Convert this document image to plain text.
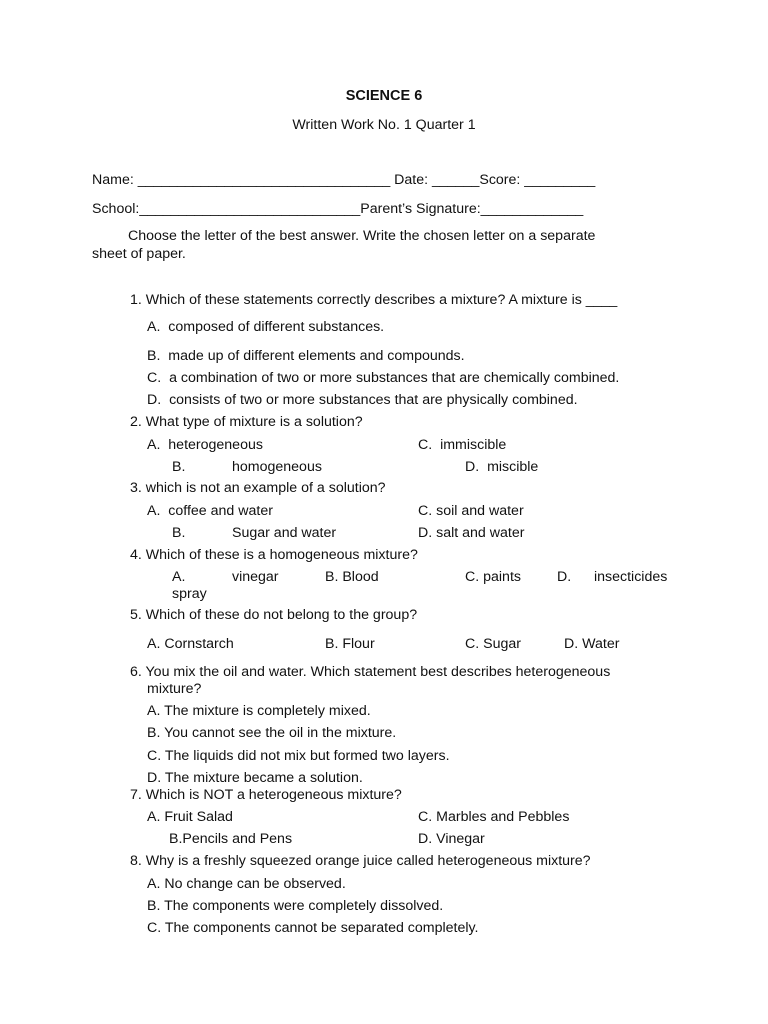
SCIENCE 6
Written Work No. 1 Quarter 1
Name: ________________________________ Date: ______Score: _________
School:____________________________Parent’s Signature:_____________
Choose the letter of the best answer. Write the chosen letter on a separate
sheet of paper.
1. Which of these statements correctly describes a mixture? A mixture is ____
A.  composed of different substances.
B.  made up of different elements and compounds.
C.  a combination of two or more substances that are chemically combined.
D.  consists of two or more substances that are physically combined.
2. What type of mixture is a solution?
A.  heterogeneous	C.  immiscible
B.	homogeneous	D.  miscible
3. which is not an example of a solution?
A.  coffee and water	C. soil and water
B.	Sugar and water	D. salt and water
4. Which of these is a homogeneous mixture?
A.	vinegar	B. Blood	C. paints	D. insecticides
spray
5. Which of these do not belong to the group?
A. Cornstarch	B. Flour	C. Sugar	D. Water
6. You mix the oil and water. Which statement best describes heterogeneous
mixture?
A. The mixture is completely mixed.
B. You cannot see the oil in the mixture.
C. The liquids did not mix but formed two layers.
D. The mixture became a solution.
7. Which is NOT a heterogeneous mixture?
A. Fruit Salad	C. Marbles and Pebbles
B.Pencils and Pens	D. Vinegar
8. Why is a freshly squeezed orange juice called heterogeneous mixture?
A. No change can be observed.
B. The components were completely dissolved.
C. The components cannot be separated completely.
